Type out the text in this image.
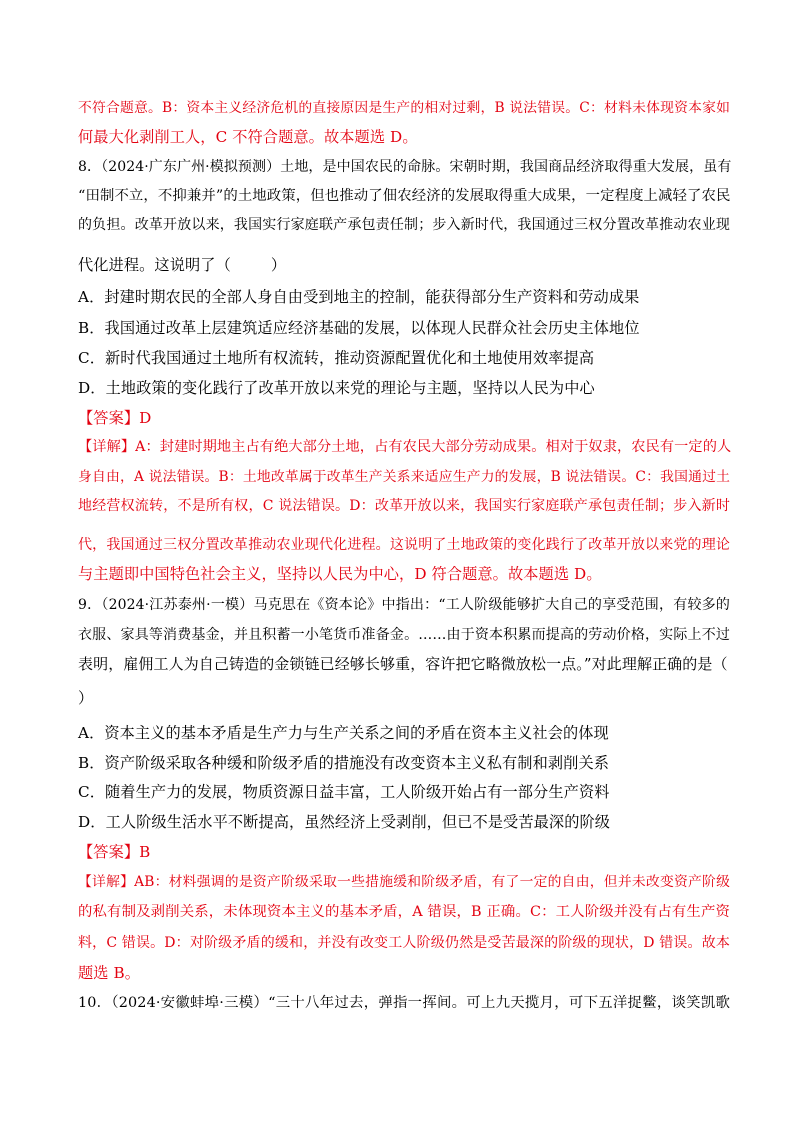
不符合题意。B：资本主义经济危机的直接原因是生产的相对过剩，B 说法错误。C：材料未体现资本家如
何最大化剥削工人，C 不符合题意。故本题选 D。
8．（2024·广东广州·模拟预测）土地，是中国农民的命脉。宋朝时期，我国商品经济取得重大发展，虽有
“田制不立，不抑兼并”的土地政策，但也推动了佃农经济的发展取得重大成果，一定程度上减轻了农民
的负担。改革开放以来，我国实行家庭联产承包责任制；步入新时代，我国通过三权分置改革推动农业现
代化进程。这说明了（	）
A．封建时期农民的全部人身自由受到地主的控制，能获得部分生产资料和劳动成果
B．我国通过改革上层建筑适应经济基础的发展，以体现人民群众社会历史主体地位
C．新时代我国通过土地所有权流转，推动资源配置优化和土地使用效率提高
D．土地政策的变化践行了改革开放以来党的理论与主题，坚持以人民为中心
【答案】D
【详解】A：封建时期地主占有绝大部分土地，占有农民大部分劳动成果。相对于奴隶，农民有一定的人
身自由，A 说法错误。B：土地改革属于改革生产关系来适应生产力的发展，B 说法错误。C：我国通过土
地经营权流转，不是所有权，C 说法错误。D：改革开放以来，我国实行家庭联产承包责任制；步入新时
代，我国通过三权分置改革推动农业现代化进程。这说明了土地政策的变化践行了改革开放以来党的理论
与主题即中国特色社会主义，坚持以人民为中心，D 符合题意。故本题选 D。
9．（2024·江苏泰州·一模）马克思在《资本论》中指出：“工人阶级能够扩大自己的享受范围，有较多的
衣服、家具等消费基金，并且积蓄一小笔货币准备金。……由于资本积累而提高的劳动价格，实际上不过
表明，雇佣工人为自己铸造的金锁链已经够长够重，容许把它略微放松一点。”对此理解正确的是（
）
A．资本主义的基本矛盾是生产力与生产关系之间的矛盾在资本主义社会的体现
B．资产阶级采取各种缓和阶级矛盾的措施没有改变资本主义私有制和剥削关系
C．随着生产力的发展，物质资源日益丰富，工人阶级开始占有一部分生产资料
D．工人阶级生活水平不断提高，虽然经济上受剥削，但已不是受苦最深的阶级
【答案】B
【详解】AB：材料强调的是资产阶级采取一些措施缓和阶级矛盾，有了一定的自由，但并未改变资产阶级
的私有制及剥削关系，未体现资本主义的基本矛盾，A 错误，B 正确。C：工人阶级并没有占有生产资
料，C 错误。D：对阶级矛盾的缓和，并没有改变工人阶级仍然是受苦最深的阶级的现状，D 错误。故本
题选 B。
10．（2024·安徽蚌埠·三模）“三十八年过去，弹指一挥间。可上九天揽月，可下五洋捉鳖，谈笑凯歌
